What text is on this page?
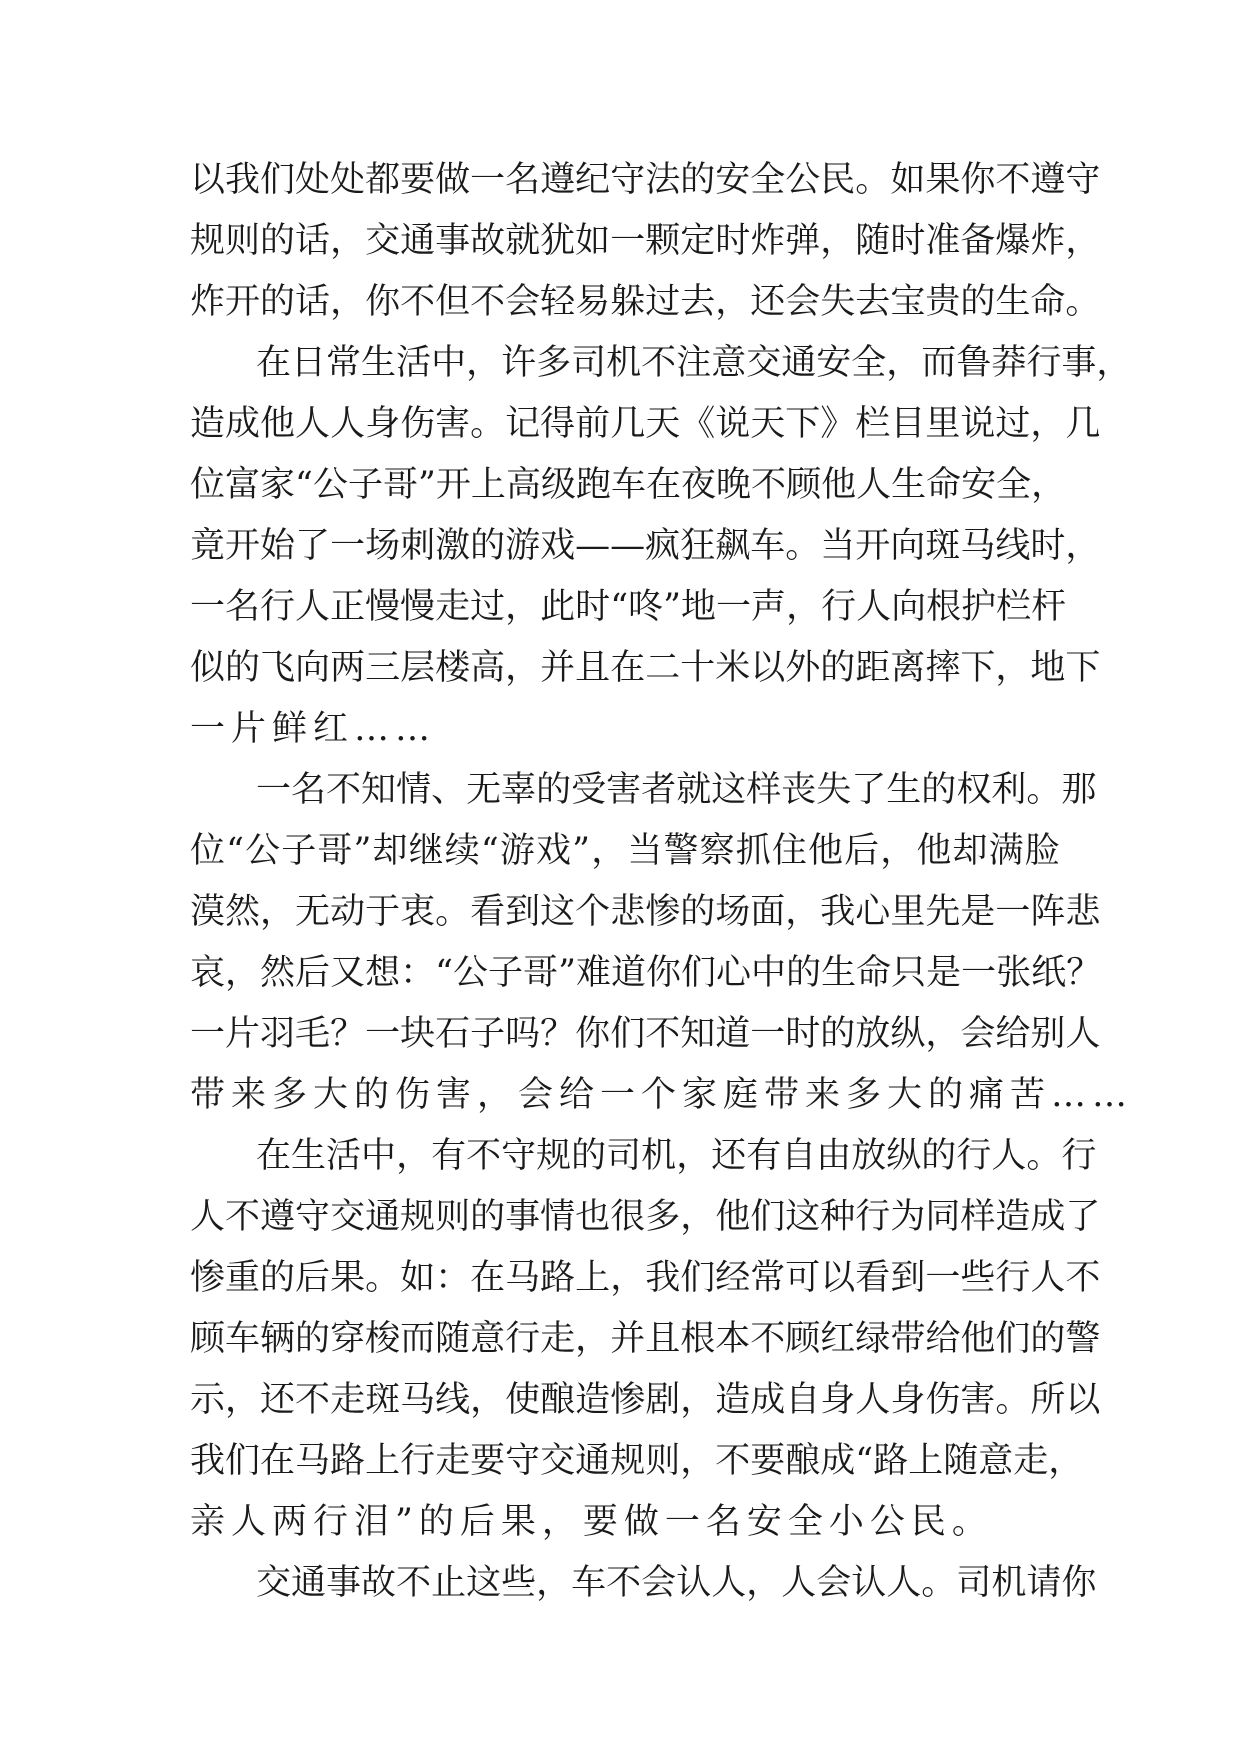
以 我 们 处 处 都 要 做 一 名 遵 纪 守 法 的 安 全 公 民 。 如 果 你 不 遵 守
规 则 的 话 ， 交 通 事 故 就 犹 如 一 颗 定 时 炸 弹 ， 随 时 准 备 爆 炸 ，
炸 开 的 话 ， 你 不 但 不 会 轻 易 躲 过 去 ， 还 会 失 去 宝 贵 的 生 命 。
在 日 常 生 活 中 ， 许 多 司 机 不 注 意 交 通 安 全 ， 而 鲁 莽 行 事 ，
造 成 他 人 人 身 伤 害 。 记 得 前 几 天 《 说 天 下 》 栏 目 里 说 过 ， 几
位 富 家 “ 公 子 哥 ” 开 上 高 级 跑 车 在 夜 晚 不 顾 他 人 生 命 安 全 ，
竟 开 始 了 一 场 刺 激 的 游 戏 — — 疯 狂 飙 车 。 当 开 向 斑 马 线 时 ，
一 名 行 人 正 慢 慢 走 过 ， 此 时 “ 咚 ” 地 一 声 ， 行 人 向 根 护 栏 杆
似 的 飞 向 两 三 层 楼 高 ， 并 且 在 二 十 米 以 外 的 距 离 摔 下 ， 地 下
一片鲜红……
一 名 不 知 情 、 无 辜 的 受 害 者 就 这 样 丧 失 了 生 的 权 利 。 那
位 “ 公 子 哥 ” 却 继 续 “ 游 戏 ” ， 当 警 察 抓 住 他 后 ， 他 却 满 脸
漠 然 ， 无 动 于 衷 。 看 到 这 个 悲 惨 的 场 面 ， 我 心 里 先 是 一 阵 悲
哀 ， 然 后 又 想 ： “ 公 子 哥 ” 难 道 你 们 心 中 的 生 命 只 是 一 张 纸 ？
一 片 羽 毛 ？ 一 块 石 子 吗 ？ 你 们 不 知 道 一 时 的 放 纵 ， 会 给 别 人
带来多大的伤害，会给一个家庭带来多大的痛苦……
在 生 活 中 ， 有 不 守 规 的 司 机 ， 还 有 自 由 放 纵 的 行 人 。 行
人 不 遵 守 交 通 规 则 的 事 情 也 很 多 ， 他 们 这 种 行 为 同 样 造 成 了
惨 重 的 后 果 。 如 ： 在 马 路 上 ， 我 们 经 常 可 以 看 到 一 些 行 人 不
顾 车 辆 的 穿 梭 而 随 意 行 走 ， 并 且 根 本 不 顾 红 绿 带 给 他 们 的 警
示 ， 还 不 走 斑 马 线 ， 使 酿 造 惨 剧 ， 造 成 自 身 人 身 伤 害 。 所 以
我 们 在 马 路 上 行 走 要 守 交 通 规 则 ， 不 要 酿 成 “ 路 上 随 意 走 ，
亲人两行泪”的后果，要做一名安全小公民。
交 通 事 故 不 止 这 些 ， 车 不 会 认 人 ， 人 会 认 人 。 司 机 请 你
